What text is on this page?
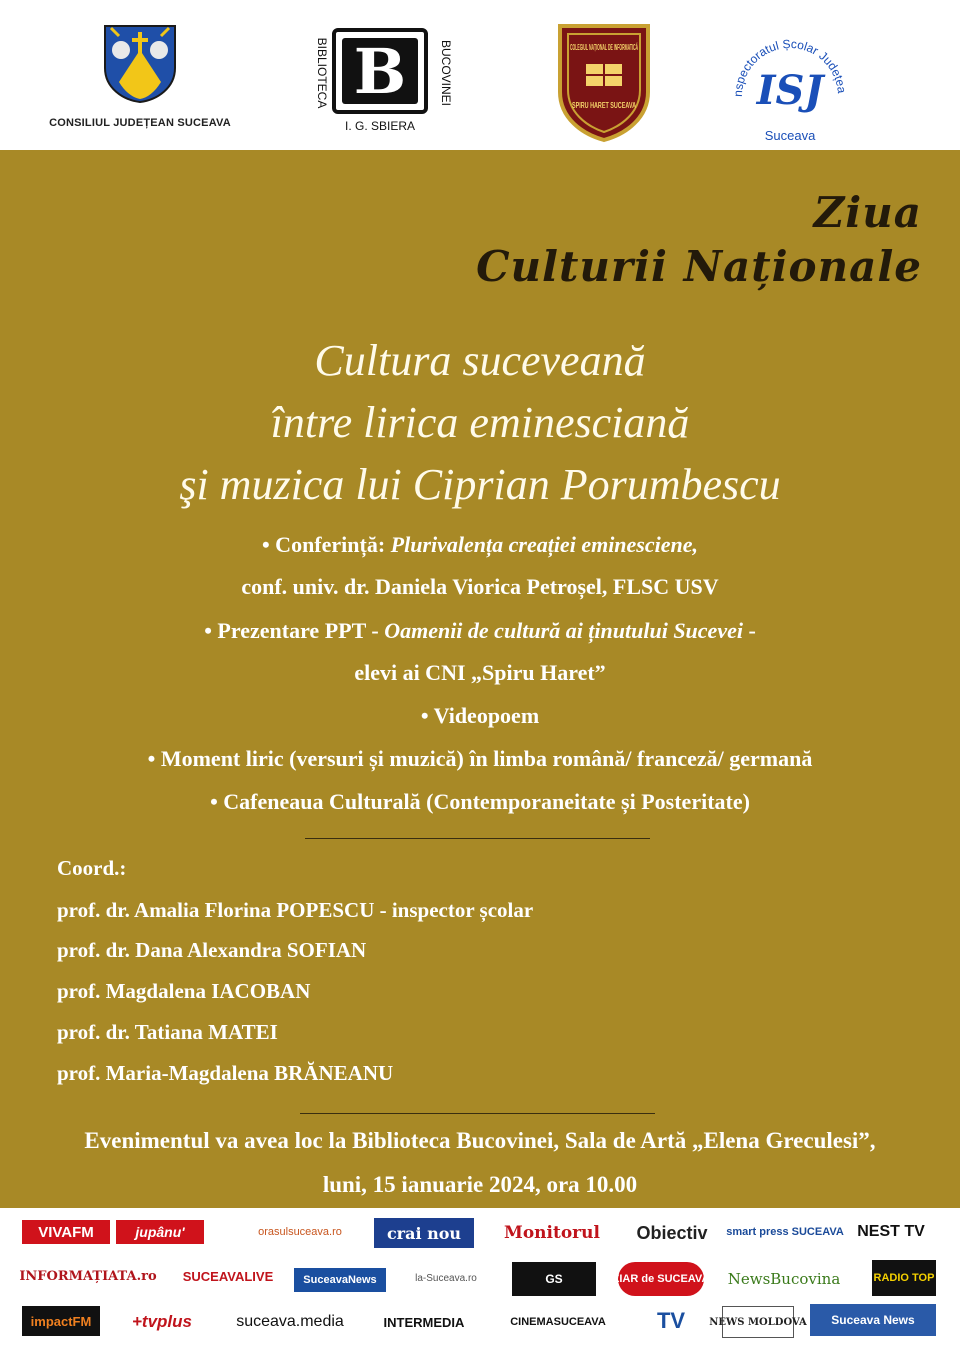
CONSILIUL JUDEȚEAN SUCEAVA
B
BIBLIOTECA	BUCOVINEI
I. G. SBIERA
COLEGIUL NAȚIONAL DE INFORMATICĂ
SPIRU HARET SUCEAVA
nspectoratul Școlar Județea
ISJ
Suceava
Ziua
Culturii Naționale
Cultura suceveană
între lirica eminesciană
şi muzica lui Ciprian Porumbescu
• Conferință: Plurivalența creației eminesciene,
conf. univ. dr. Daniela Viorica Petroșel, FLSC USV
• Prezentare PPT - Oamenii de cultură ai ținutului Sucevei -
elevi ai CNI „Spiru Haret”
• Videopoem
• Moment liric (versuri și muzică) în limba română/ franceză/ germană
• Cafeneaua Culturală (Contemporaneitate și Posteritate)
Coord.:
prof. dr. Amalia Florina POPESCU - inspector școlar
prof. dr. Dana Alexandra SOFIAN
prof. Magdalena IACOBAN
prof. dr. Tatiana MATEI
prof. Maria-Magdalena BRĂNEANU
Evenimentul va avea loc la Biblioteca Bucovinei, Sala de Artă „Elena Greculesi”,
luni, 15 ianuarie 2024, ora 10.00
VIVAFM	jupânu'	orasulsuceava.ro	crai nou	Monitorul	Obiectiv	smart press SUCEAVA NEST TV
INFORMAȚIATA.ro SUCEAVALIVE	SuceavaNews	la-Suceava.ro	GS	ZIAR de SUCEAVA NewsBucovina	RADIO TOP
impactFM	+tvplus	suceava.media	INTERMEDIA	CINEMASUCEAVA	TV	NEWS MOLDOVA	Suceava News
